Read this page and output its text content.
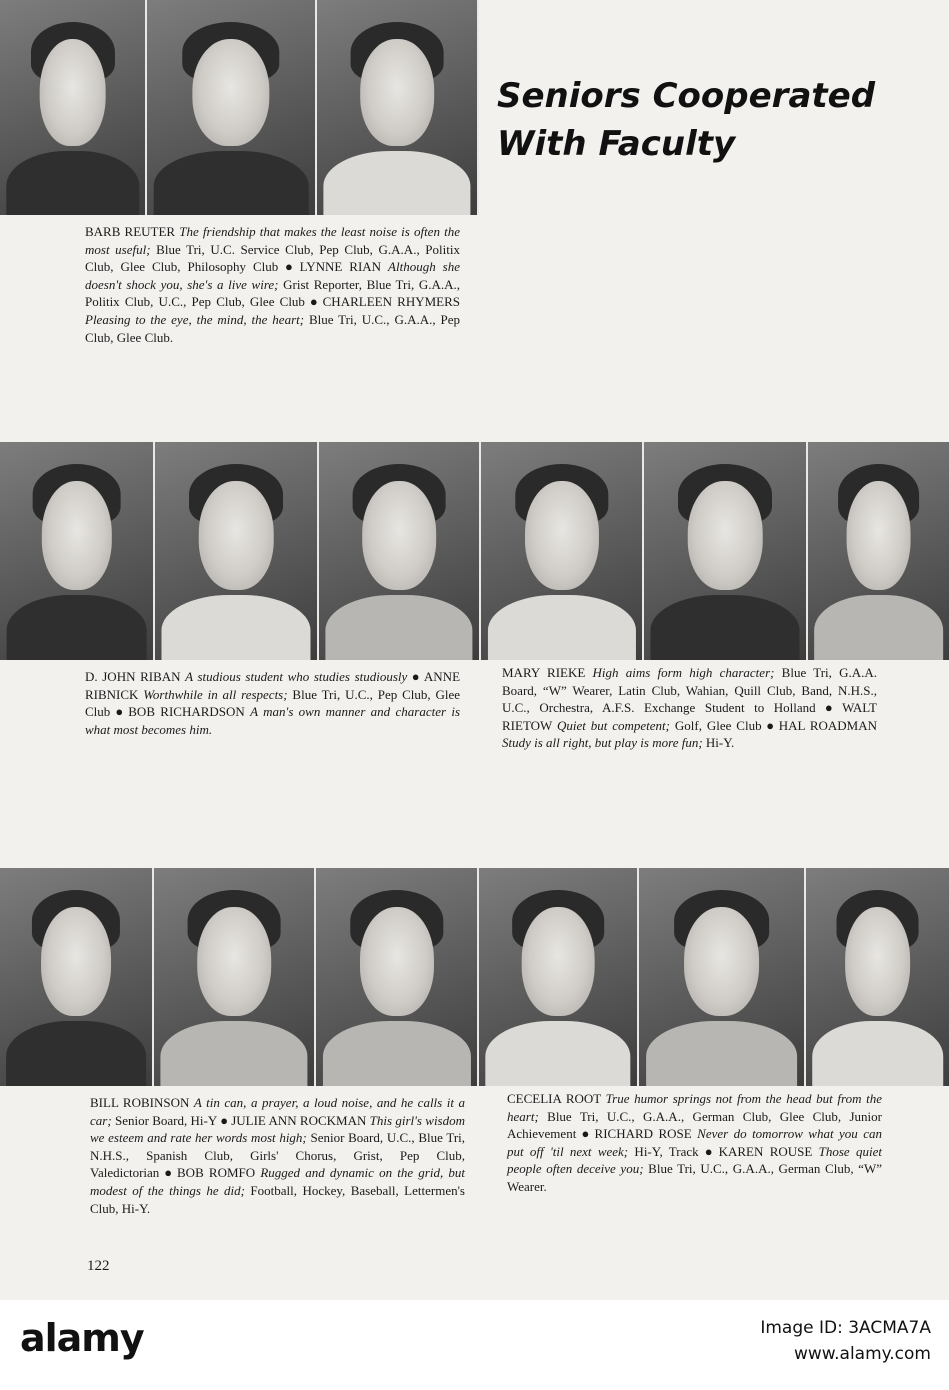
Seniors Cooperated
With Faculty
BARB REUTER The friendship that makes the least noise is often the most useful; Blue Tri, U.C. Service Club, Pep Club, G.A.A., Politix Club, Glee Club, Philosophy Club ● LYNNE RIAN Although she doesn't shock you, she's a live wire; Grist Reporter, Blue Tri, G.A.A., Politix Club, U.C., Pep Club, Glee Club ● CHARLEEN RHYMERS Pleasing to the eye, the mind, the heart; Blue Tri, U.C., G.A.A., Pep Club, Glee Club.
D. JOHN RIBAN A studious student who studies studiously ● ANNE RIBNICK Worthwhile in all respects; Blue Tri, U.C., Pep Club, Glee Club ● BOB RICHARDSON A man's own manner and character is what most becomes him.
MARY RIEKE High aims form high character; Blue Tri, G.A.A. Board, “W” Wearer, Latin Club, Wahian, Quill Club, Band, N.H.S., U.C., Orchestra, A.F.S. Exchange Student to Holland ● WALT RIETOW Quiet but competent; Golf, Glee Club ● HAL ROADMAN Study is all right, but play is more fun; Hi-Y.
BILL ROBINSON A tin can, a prayer, a loud noise, and he calls it a car; Senior Board, Hi-Y ● JULIE ANN ROCKMAN This girl's wisdom we esteem and rate her words most high; Senior Board, U.C., Blue Tri, N.H.S., Spanish Club, Girls' Chorus, Grist, Pep Club, Valedictorian ● BOB ROMFO Rugged and dynamic on the grid, but modest of the things he did; Football, Hockey, Baseball, Lettermen's Club, Hi-Y.
CECELIA ROOT True humor springs not from the head but from the heart; Blue Tri, U.C., G.A.A., German Club, Glee Club, Junior Achievement ● RICHARD ROSE Never do tomorrow what you can put off 'til next week; Hi-Y, Track ● KAREN ROUSE Those quiet people often deceive you; Blue Tri, U.C., G.A.A., German Club, “W” Wearer.
122
alamy	Image ID: 3ACMA7A
www.alamy.com
